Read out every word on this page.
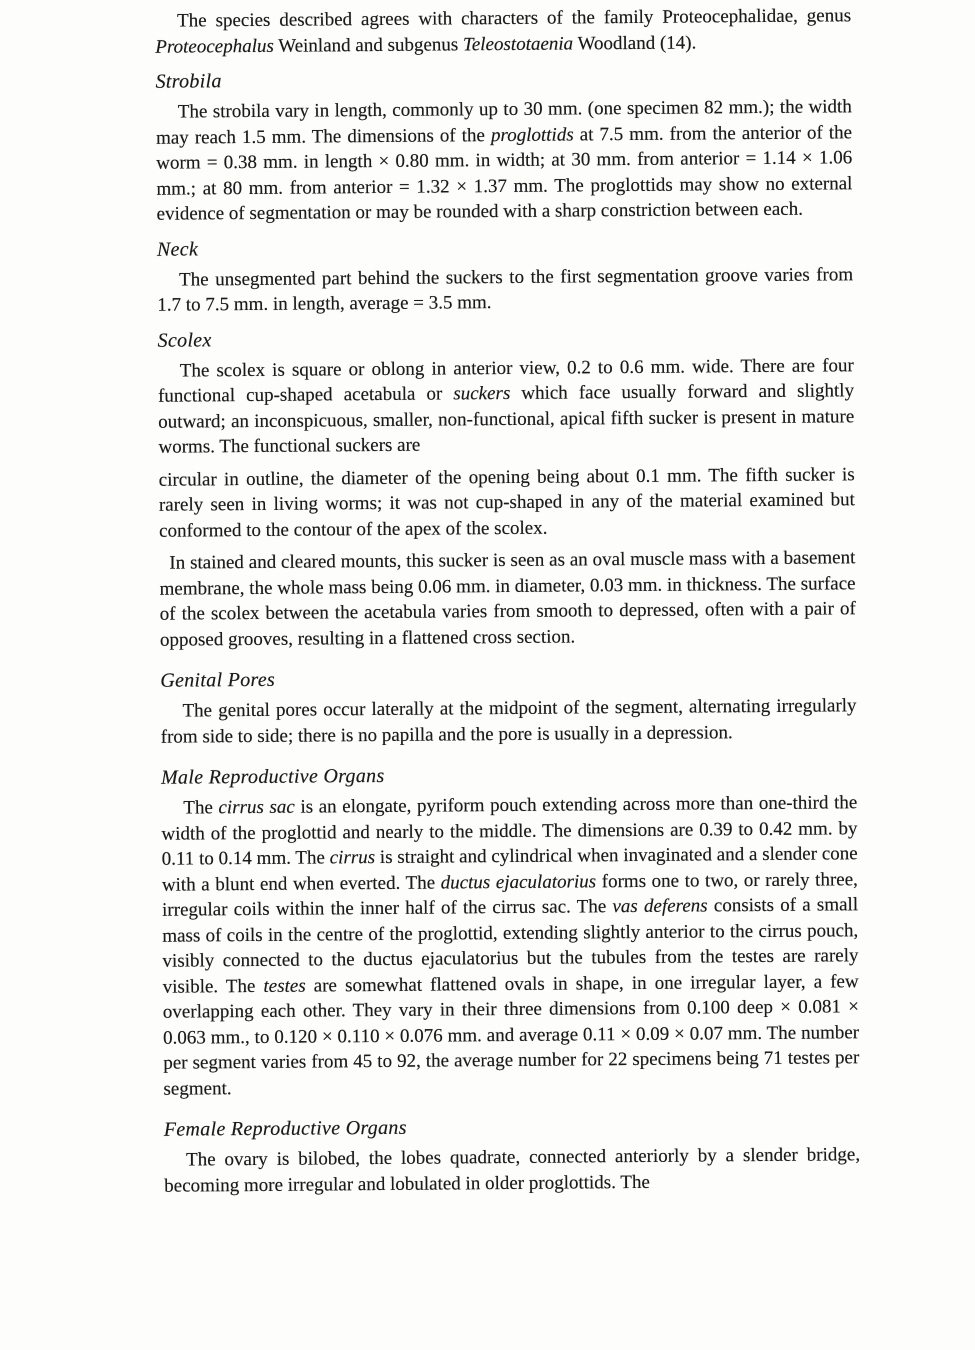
The species described agrees with characters of the family Proteocephalidae, genus Proteocephalus Weinland and subgenus Teleostotaenia Woodland (14).

Strobila

The strobila vary in length, commonly up to 30 mm. (one specimen 82 mm.); the width may reach 1.5 mm. The dimensions of the proglottids at 7.5 mm. from the anterior of the worm = 0.38 mm. in length × 0.80 mm. in width; at 30 mm. from anterior = 1.14 × 1.06 mm.; at 80 mm. from anterior = 1.32 × 1.37 mm. The proglottids may show no external evidence of segmentation or may be rounded with a sharp constriction between each.

Neck

The unsegmented part behind the suckers to the first segmentation groove varies from 1.7 to 7.5 mm. in length, average = 3.5 mm.

Scolex

The scolex is square or oblong in anterior view, 0.2 to 0.6 mm. wide. There are four functional cup-shaped acetabula or suckers which face usually forward and slightly outward; an inconspicuous, smaller, non-functional, apical fifth sucker is present in mature worms. The functional suckers are

circular in outline, the diameter of the opening being about 0.1 mm. The fifth sucker is rarely seen in living worms; it was not cup-shaped in any of the material examined but conformed to the contour of the apex of the scolex.

In stained and cleared mounts, this sucker is seen as an oval muscle mass with a basement membrane, the whole mass being 0.06 mm. in diameter, 0.03 mm. in thickness. The surface of the scolex between the acetabula varies from smooth to depressed, often with a pair of opposed grooves, resulting in a flattened cross section.

Genital Pores

The genital pores occur laterally at the midpoint of the segment, alternating irregularly from side to side; there is no papilla and the pore is usually in a depression.

Male Reproductive Organs

The cirrus sac is an elongate, pyriform pouch extending across more than one-third the width of the proglottid and nearly to the middle. The dimensions are 0.39 to 0.42 mm. by 0.11 to 0.14 mm. The cirrus is straight and cylindrical when invaginated and a slender cone with a blunt end when everted. The ductus ejaculatorius forms one to two, or rarely three, irregular coils within the inner half of the cirrus sac. The vas deferens consists of a small mass of coils in the centre of the proglottid, extending slightly anterior to the cirrus pouch, visibly connected to the ductus ejaculatorius but the tubules from the testes are rarely visible. The testes are somewhat flattened ovals in shape, in one irregular layer, a few overlapping each other. They vary in their three dimensions from 0.100 deep × 0.081 × 0.063 mm., to 0.120 × 0.110 × 0.076 mm. and average 0.11 × 0.09 × 0.07 mm. The number per segment varies from 45 to 92, the average number for 22 specimens being 71 testes per segment.

Female Reproductive Organs

The ovary is bilobed, the lobes quadrate, connected anteriorly by a slender bridge, becoming more irregular and lobulated in older proglottids. The
